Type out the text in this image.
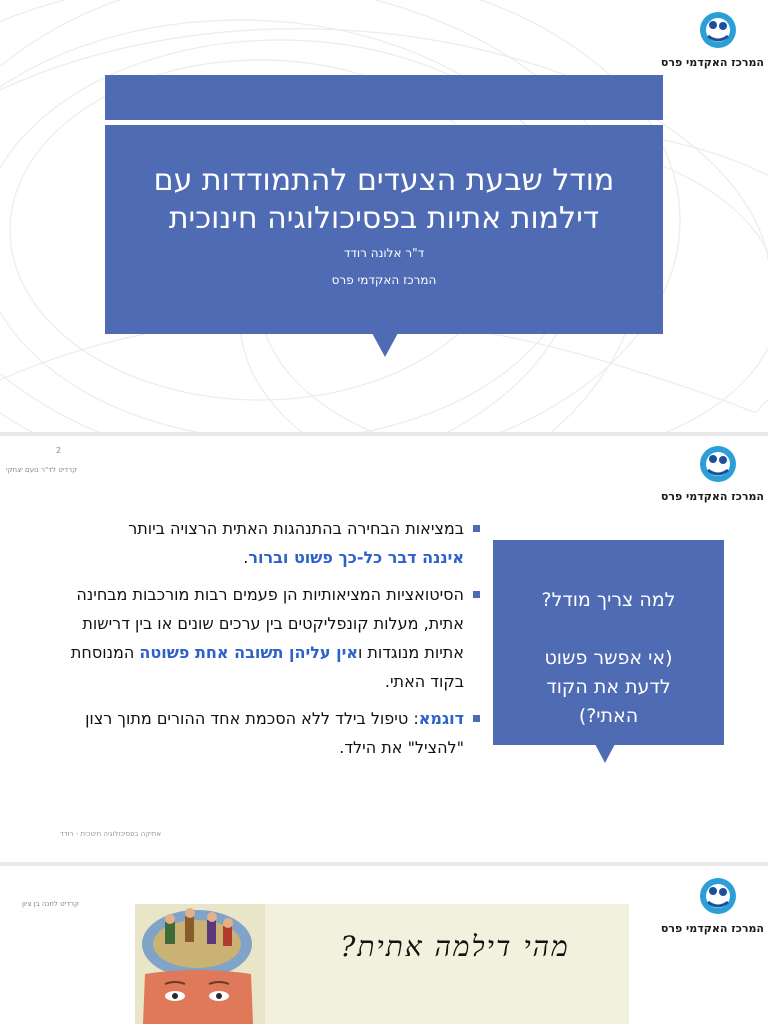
המרכז האקדמי פרס
מודל שבעת הצעדים להתמודדות עם
דילמות אתיות בפסיכולוגיה חינוכית
ד"ר אלונה רודד
המרכז האקדמי פרס
2
קרדיט לד"ר נועם יצחקי
המרכז האקדמי פרס
במציאות הבחירה בהתנהגות האתית הרצויה ביותר
איננה דבר כל-כך פשוט וברור.
הסיטואציות המציאותיות הן פעמים רבות מורכבות מבחינה אתית, מעלות קונפליקטים בין ערכים שונים או בין דרישות אתיות מנוגדות ואין עליהן תשובה אחת פשוטה המנוסחת בקוד האתי.
דוגמא: טיפול בילד ללא הסכמת אחד ההורים מתוך רצון "להציל" את הילד.
למה צריך מודל?
(אי אפשר פשוט
לדעת את הקוד
האתי?)
אתיקה בפסיכולוגיה חינוכית - רודד
קרדיט לחנה בן ציון
המרכז האקדמי פרס
מהי דילמה אתית?
